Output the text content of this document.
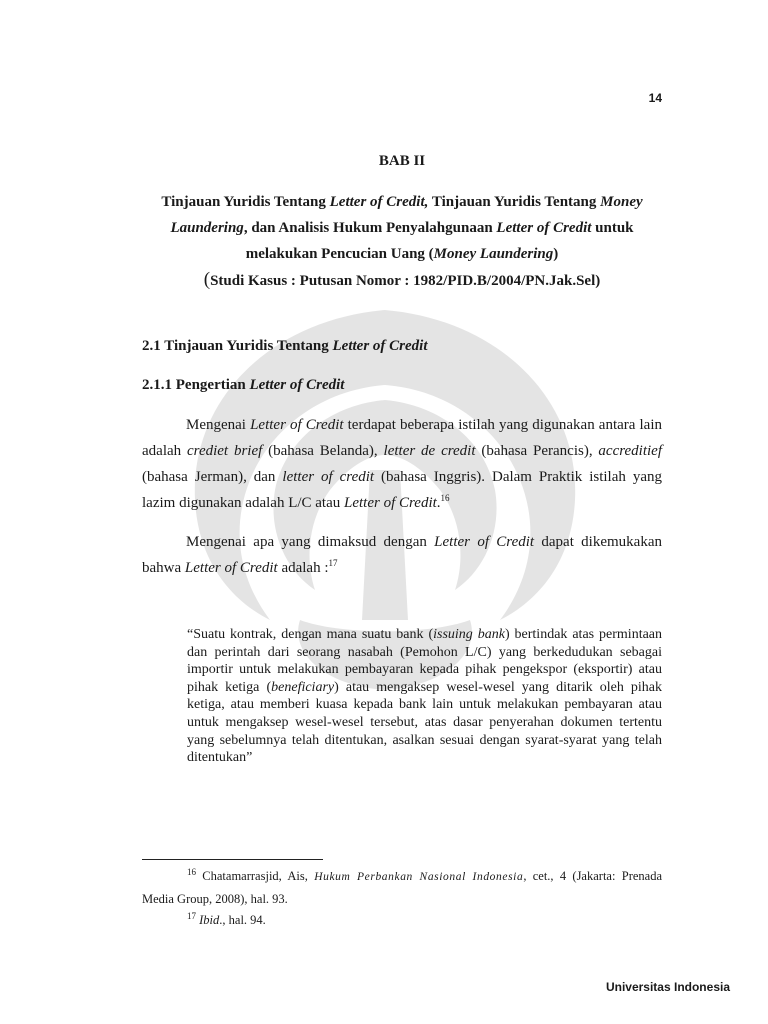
14
BAB II
Tinjauan Yuridis Tentang Letter of Credit, Tinjauan Yuridis Tentang Money
Laundering, dan Analisis Hukum Penyalahgunaan Letter of Credit untuk
melakukan Pencucian Uang (Money Laundering)
(Studi Kasus : Putusan Nomor : 1982/PID.B/2004/PN.Jak.Sel)
2.1 Tinjauan Yuridis Tentang Letter of Credit
2.1.1 Pengertian Letter of Credit
Mengenai Letter of Credit terdapat beberapa istilah yang digunakan antara lain adalah crediet brief (bahasa Belanda), letter de credit (bahasa Perancis), accreditief (bahasa Jerman), dan letter of credit (bahasa Inggris). Dalam Praktik istilah yang lazim digunakan adalah L/C atau Letter of Credit.$^{16}$
Mengenai apa yang dimaksud dengan Letter of Credit dapat dikemukakan bahwa Letter of Credit adalah :$^{17}$
“Suatu kontrak, dengan mana suatu bank (issuing bank) bertindak atas permintaan dan perintah dari seorang nasabah (Pemohon L/C) yang berkedudukan sebagai importir untuk melakukan pembayaran kepada pihak pengekspor (eksportir) atau pihak ketiga (beneficiary) atau mengaksep wesel-wesel yang ditarik oleh pihak ketiga, atau memberi kuasa kepada bank lain untuk melakukan pembayaran atau untuk mengaksep wesel-wesel tersebut, atas dasar penyerahan dokumen tertentu yang sebelumnya telah ditentukan, asalkan sesuai dengan syarat-syarat yang telah ditentukan”
$^{16}$ Chatamarrasjid, Ais, Hukum Perbankan Nasional Indonesia, cet., 4 (Jakarta: Prenada Media Group, 2008), hal. 93.
$^{17}$ Ibid., hal. 94.
Universitas Indonesia
